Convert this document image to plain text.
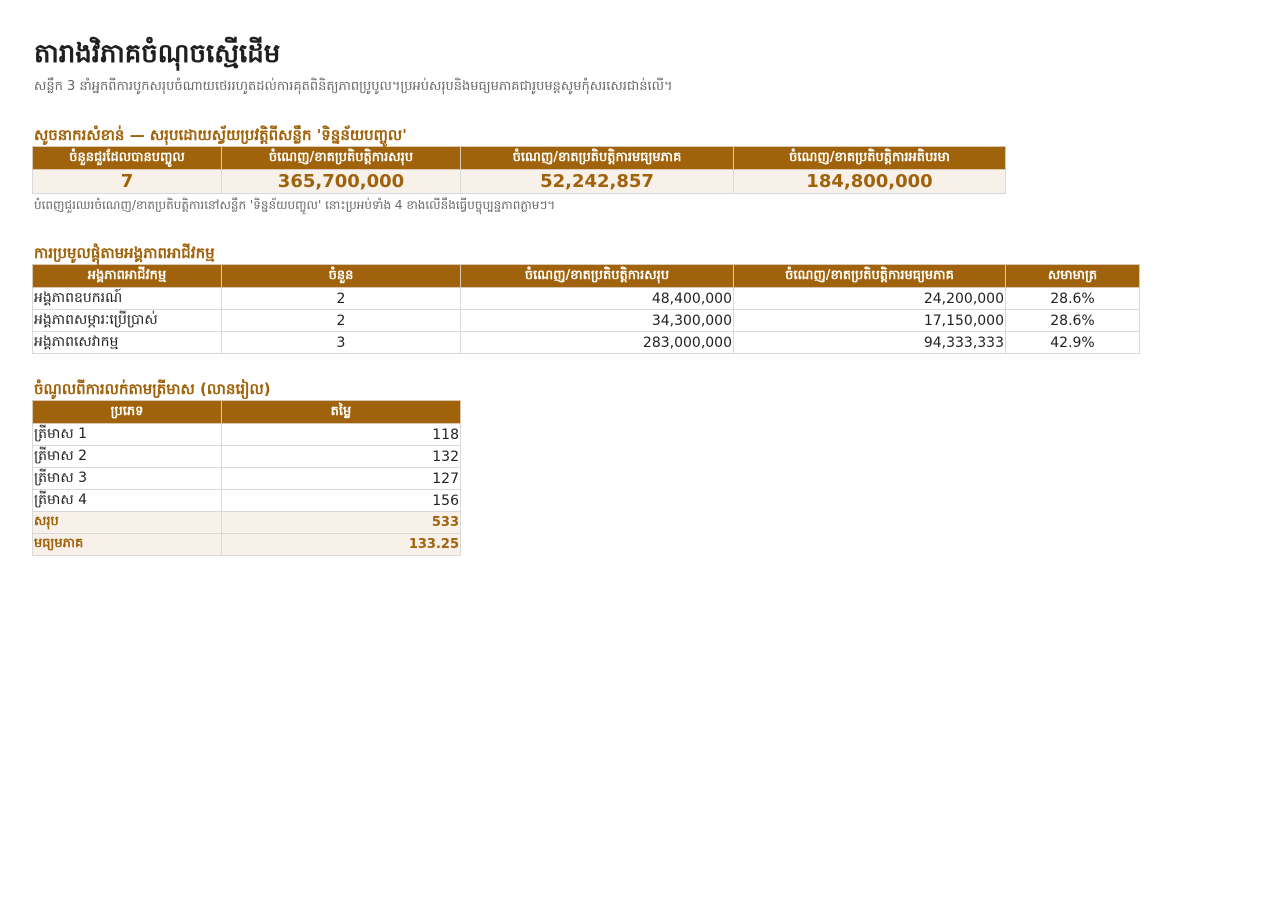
តារាងវិភាគចំណុចស្មើដើម
សន្លឹក 3 នាំអ្នកពីការបូកសរុបចំណាយថេររហូតដល់ការគុតពិនិត្យភាពប្រូបូល។ប្រអប់សរុបនិងមធ្យមភាគជារូបមន្តសូមកុំសរសេរជាន់លើ។
សូចនាករសំខាន់ — សរុបដោយស្វ័យប្រវត្តិពីសន្លឹក 'ទិន្នន័យបញ្ចូល'
ចំនួនជួរដែលបានបញ្ចូល	ចំណេញ/ខាតប្រតិបត្តិការសរុប	ចំណេញ/ខាតប្រតិបត្តិការមធ្យមភាគ	ចំណេញ/ខាតប្រតិបត្តិការអតិបរមា
7	365,700,000	52,242,857	184,800,000
បំពេញជួរឈរចំណេញ/ខាតប្រតិបត្តិការនៅសន្លឹក 'ទិន្នន័យបញ្ចូល' នោះប្រអប់ទាំង 4 ខាងលើនឹងធ្វើបច្ចុប្បន្នភាពភ្លាមៗ។
ការប្រមូលផ្តុំតាមអង្គភាពអាជីវកម្ម
អង្គភាពអាជីវកម្ម	ចំនួន	ចំណេញ/ខាតប្រតិបត្តិការសរុប	ចំណេញ/ខាតប្រតិបត្តិការមធ្យមភាគ	សមាមាត្រ
អង្គភាពឧបករណ៍	2	48,400,000	24,200,000	28.6%
អង្គភាពសម្ភារៈប្រើប្រាស់	2	34,300,000	17,150,000	28.6%
អង្គភាពសេវាកម្ម	3	283,000,000	94,333,333	42.9%
ចំណូលពីការលក់តាមត្រីមាស (លានរៀល)
ប្រភេទ	តម្លៃ
ត្រីមាស 1	118
ត្រីមាស 2	132
ត្រីមាស 3	127
ត្រីមាស 4	156
សរុប	533
មធ្យមភាគ	133.25
